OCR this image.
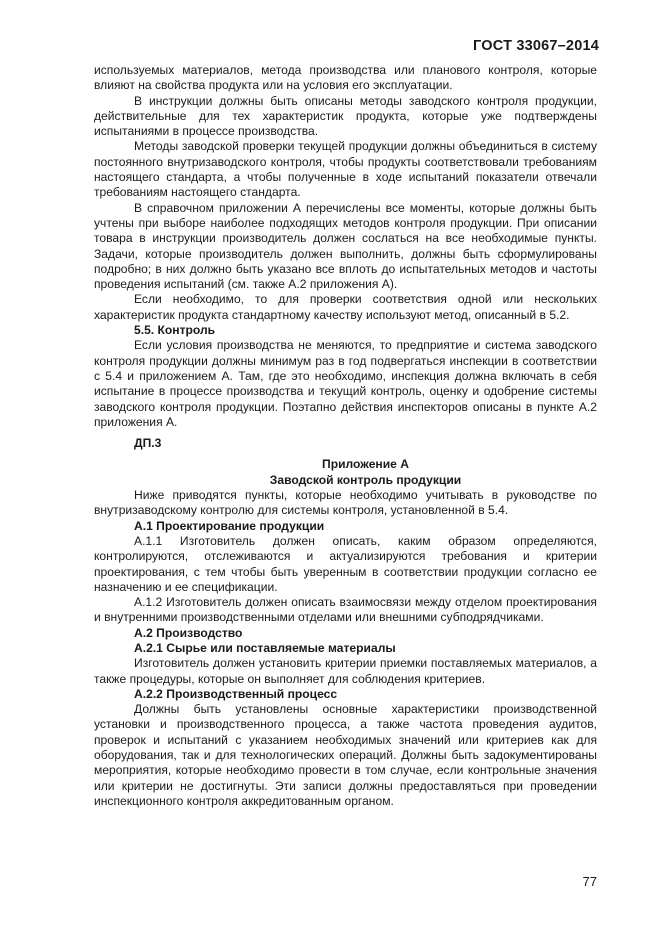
ГОСТ 33067–2014

используемых материалов, метода производства или планового контроля, которые влияют на свойства продукта или на условия его эксплуатации.

В инструкции должны быть описаны методы заводского контроля продукции, действительные для тех характеристик продукта, которые уже подтверждены испытаниями в процессе производства.

Методы заводской проверки текущей продукции должны объединиться в систему постоянного внутризаводского контроля, чтобы продукты соответствовали требованиям настоящего стандарта, а чтобы полученные в ходе испытаний показатели отвечали требованиям настоящего стандарта.

В справочном приложении А перечислены все моменты, которые должны быть учтены при выборе наиболее подходящих методов контроля продукции. При описании товара в инструкции производитель должен сослаться на все необходимые пункты. Задачи, которые производитель должен выполнить, должны быть сформулированы подробно; в них должно быть указано все вплоть до испытательных методов и частоты проведения испытаний (см. также А.2 приложения А).

Если необходимо, то для проверки соответствия одной или нескольких характеристик продукта стандартному качеству используют метод, описанный в 5.2.

5.5. Контроль

Если условия производства не меняются, то предприятие и система заводского контроля продукции должны минимум раз в год подвергаться инспекции в соответствии с 5.4 и приложением А. Там, где это необходимо, инспекция должна включать в себя испытание в процессе производства и текущий контроль, оценку и одобрение системы заводского контроля продукции. Поэтапно действия инспекторов описаны в пункте А.2 приложения А.

ДП.3

Приложение А

Заводской контроль продукции

Ниже приводятся пункты, которые необходимо учитывать в руководстве по внутризаводскому контролю для системы контроля, установленной в 5.4.

А.1 Проектирование продукции

А.1.1 Изготовитель должен описать, каким образом определяются, контролируются, отслеживаются и актуализируются требования и критерии проектирования, с тем чтобы быть уверенным в соответствии продукции согласно ее назначению и ее спецификации.

А.1.2 Изготовитель должен описать взаимосвязи между отделом проектирования и внутренними производственными отделами или внешними субподрядчиками.

А.2 Производство

А.2.1 Сырье или поставляемые материалы

Изготовитель должен установить критерии приемки поставляемых материалов, а также процедуры, которые он выполняет для соблюдения критериев.

А.2.2 Производственный процесс

Должны быть установлены основные характеристики производственной установки и производственного процесса, а также частота проведения аудитов, проверок и испытаний с указанием необходимых значений или критериев как для оборудования, так и для технологических операций. Должны быть задокументированы мероприятия, которые необходимо провести в том случае, если контрольные значения или критерии не достигнуты. Эти записи должны предоставляться при проведении инспекционного контроля аккредитованным органом.

77
